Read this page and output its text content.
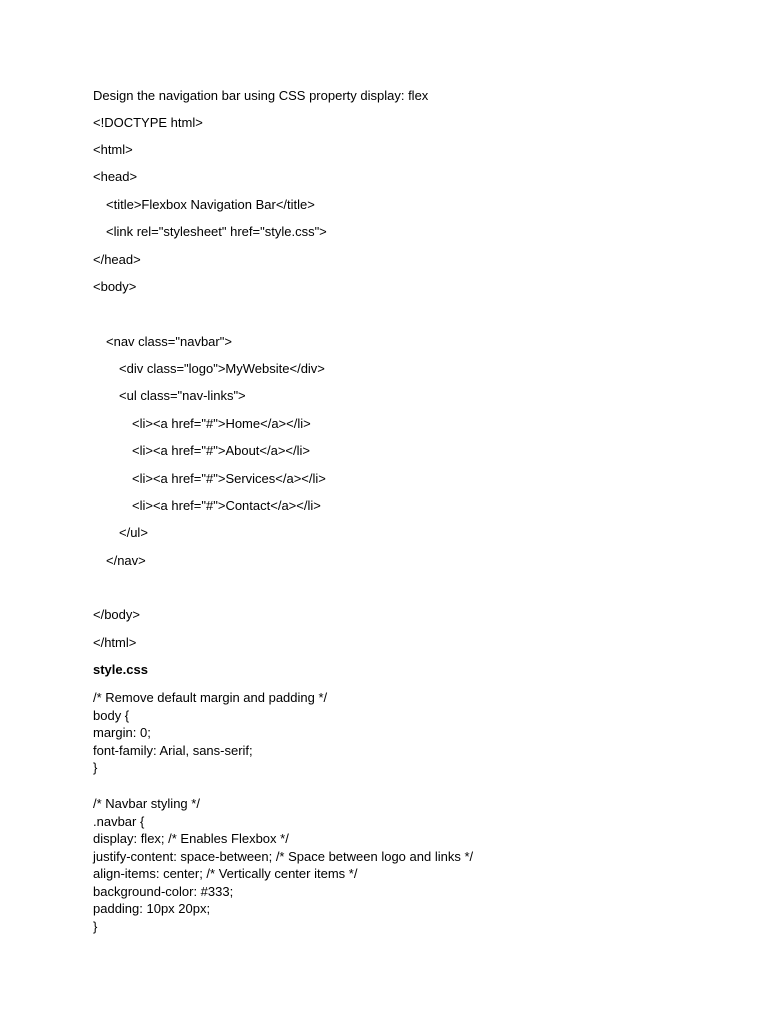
Design the navigation bar using CSS property display: flex
<!DOCTYPE html>
<html>
<head>
<title>Flexbox Navigation Bar</title>
<link rel="stylesheet" href="style.css">
</head>
<body>
<nav class="navbar">
<div class="logo">MyWebsite</div>
<ul class="nav-links">
<li><a href="#">Home</a></li>
<li><a href="#">About</a></li>
<li><a href="#">Services</a></li>
<li><a href="#">Contact</a></li>
</ul>
</nav>
</body>
</html>
style.css
/* Remove default margin and padding */
body {
margin: 0;
font-family: Arial, sans-serif;
}
/* Navbar styling */
.navbar {
display: flex; /* Enables Flexbox */
justify-content: space-between; /* Space between logo and links */
align-items: center; /* Vertically center items */
background-color: #333;
padding: 10px 20px;
}
